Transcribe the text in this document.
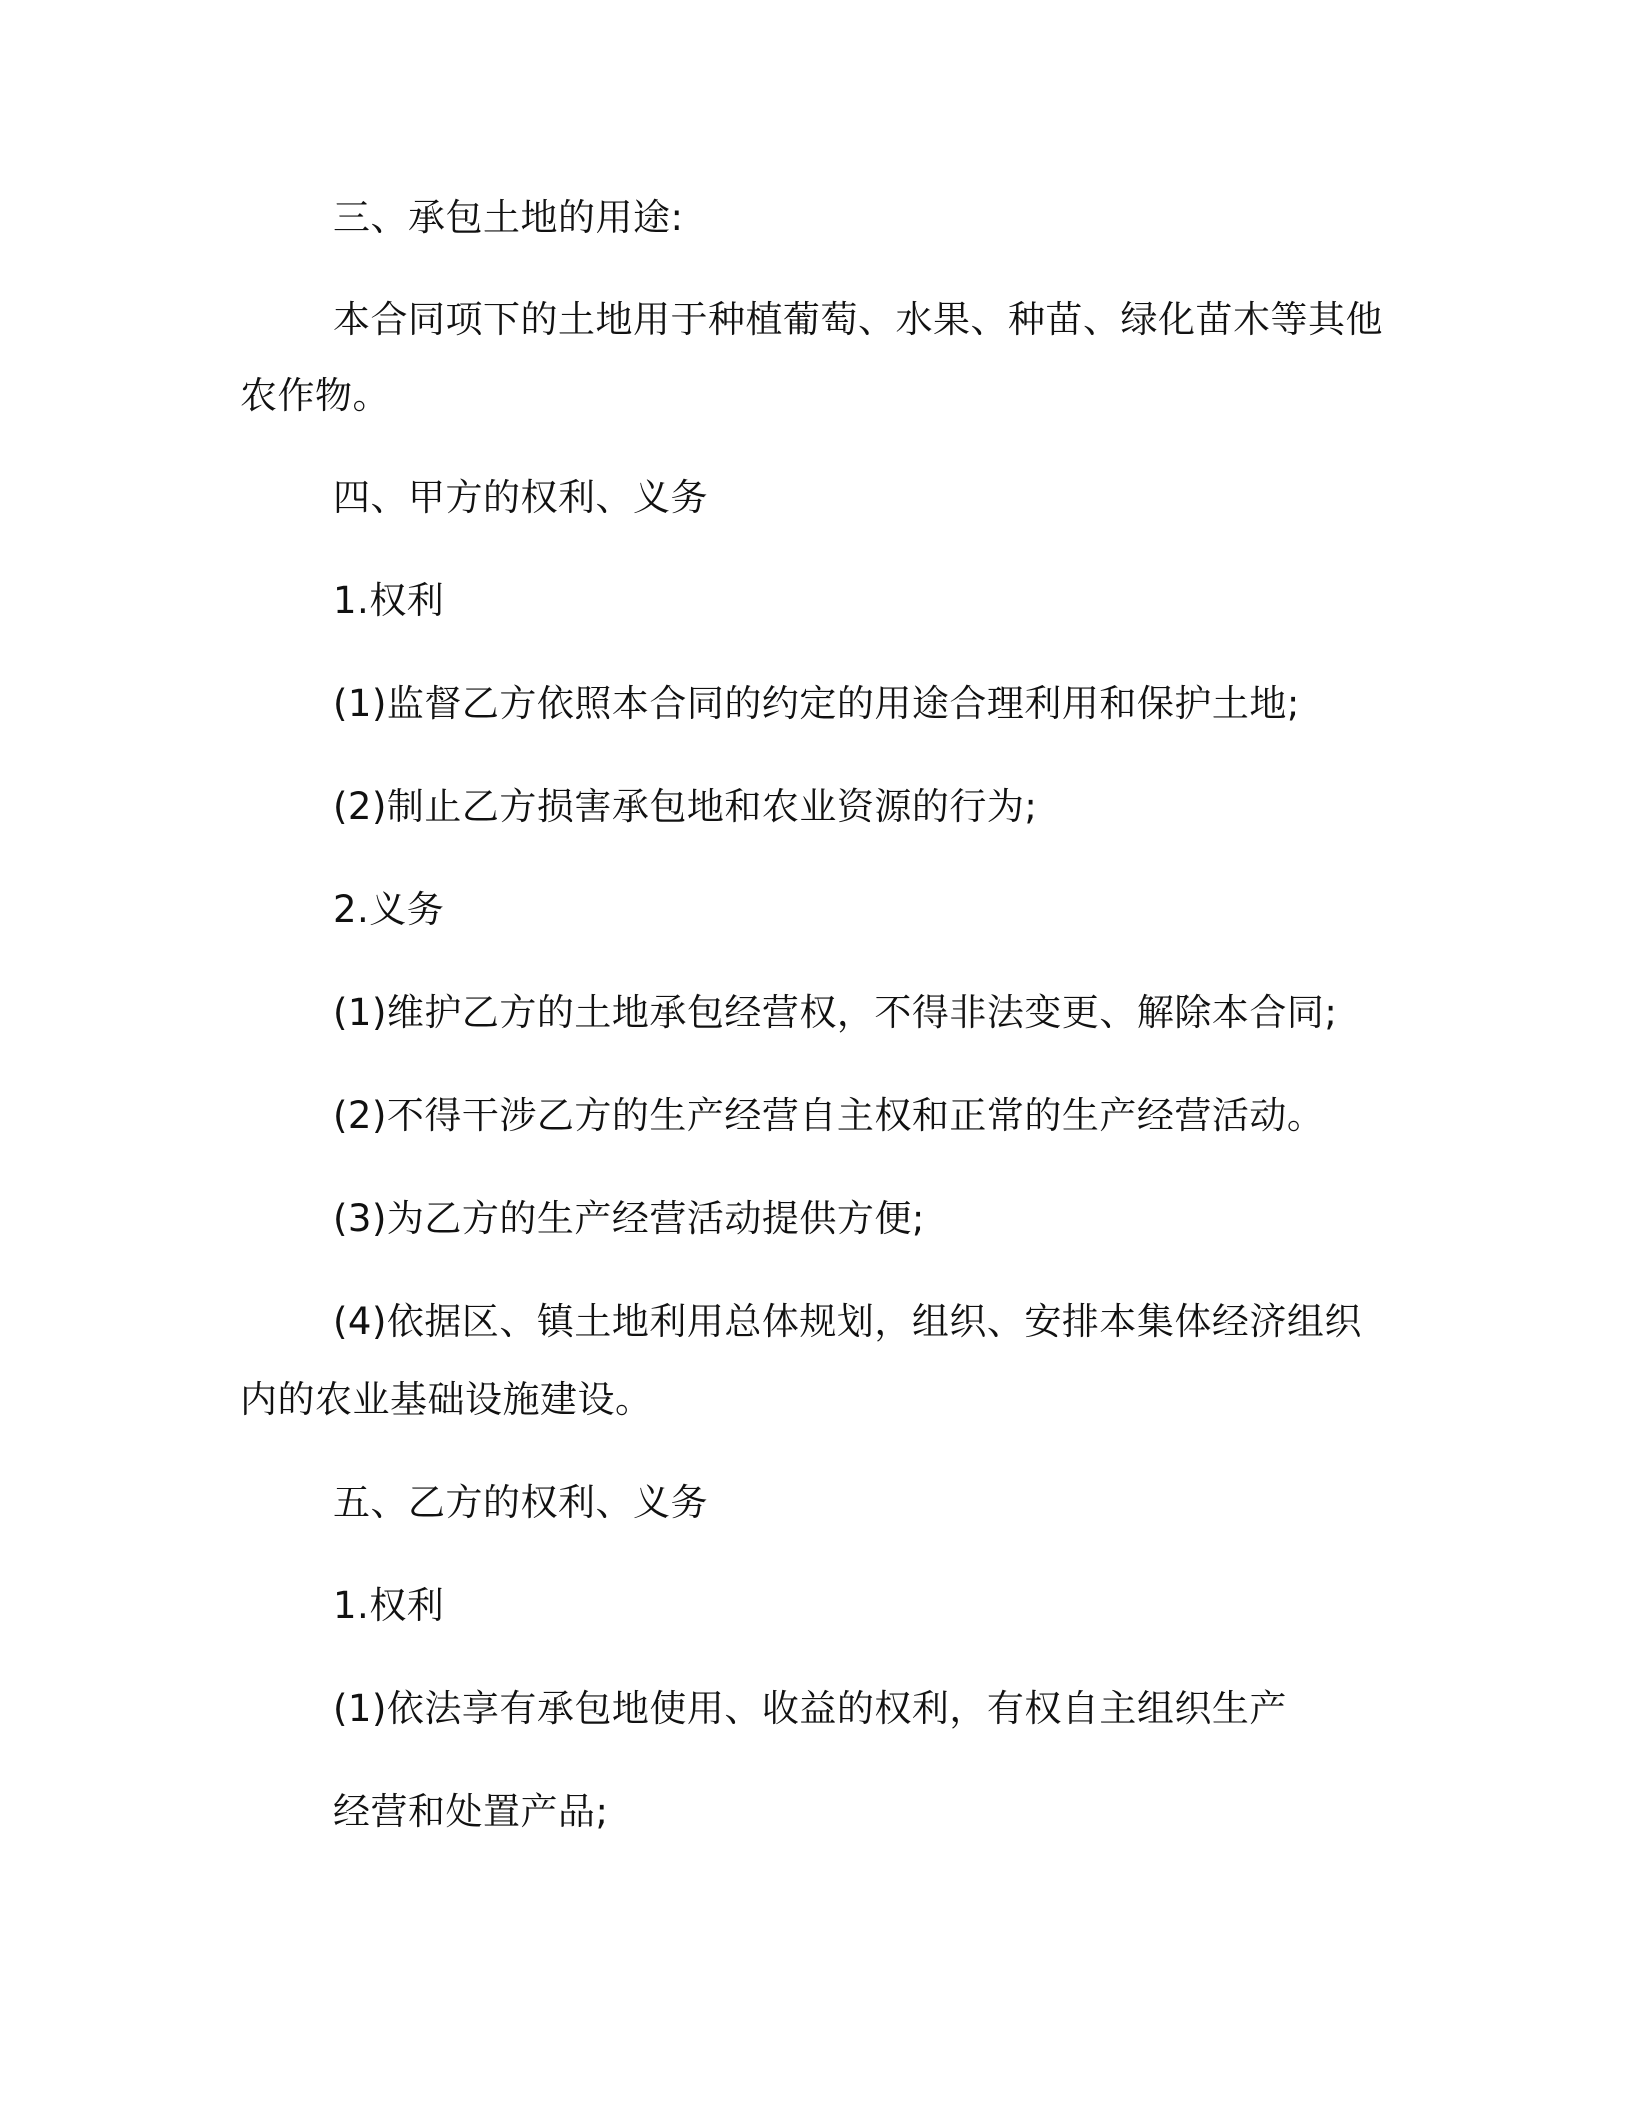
三、承包土地的用途:

本合同项下的土地用于种植葡萄、水果、种苗、绿化苗木等其他

农作物。

四、甲方的权利、义务

1.权利

(1)监督乙方依照本合同的约定的用途合理利用和保护土地;

(2)制止乙方损害承包地和农业资源的行为;

2.义务

(1)维护乙方的土地承包经营权，不得非法变更、解除本合同;

(2)不得干涉乙方的生产经营自主权和正常的生产经营活动。

(3)为乙方的生产经营活动提供方便;

(4)依据区、镇土地利用总体规划，组织、安排本集体经济组织

内的农业基础设施建设。

五、乙方的权利、义务

1.权利

(1)依法享有承包地使用、收益的权利，有权自主组织生产

经营和处置产品;
